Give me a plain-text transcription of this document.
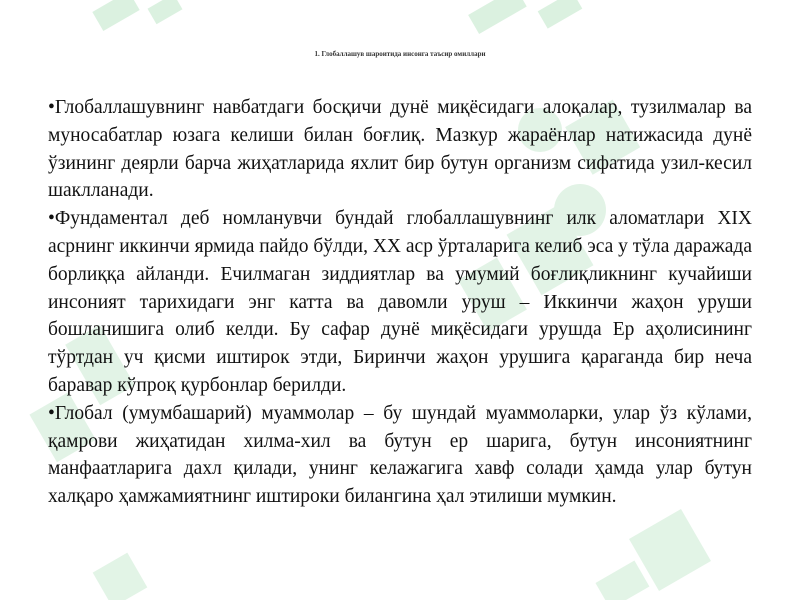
1. Глобаллашув шароитида инсонга таъсир омиллари

•Глобаллашувнинг навбатдаги босқичи дунё миқёсидаги алоқалар, тузилмалар ва муносабатлар юзага келиши билан боғлиқ. Мазкур жараёнлар натижасида дунё ўзининг деярли барча жиҳатларида яхлит бир бутун организм сифатида узил-кесил шаклланади.

•Фундаментал деб номланувчи бундай глобаллашувнинг илк аломатлари XIX асрнинг иккинчи ярмида пайдо бўлди, XX аср ўрталарига келиб эса у тўла даражада борлиққа айланди. Ечилмаган зиддиятлар ва умумий боғлиқликнинг кучайиши инсоният тарихидаги энг катта ва давомли уруш – Иккинчи жаҳон уруши бошланишига олиб келди. Бу сафар дунё миқёсидаги урушда Ер аҳолисининг тўртдан уч қисми иштирок этди, Биринчи жаҳон урушига қараганда бир неча баравар кўпроқ қурбонлар берилди.

•Глобал (умумбашарий) муаммолар – бу шундай муаммоларки, улар ўз кўлами, қамрови жиҳатидан хилма-хил ва бутун ер шарига, бутун инсониятнинг манфаатларига дахл қилади, унинг келажагига хавф солади ҳамда улар бутун халқаро ҳамжамиятнинг иштироки билангина ҳал этилиши мумкин.
